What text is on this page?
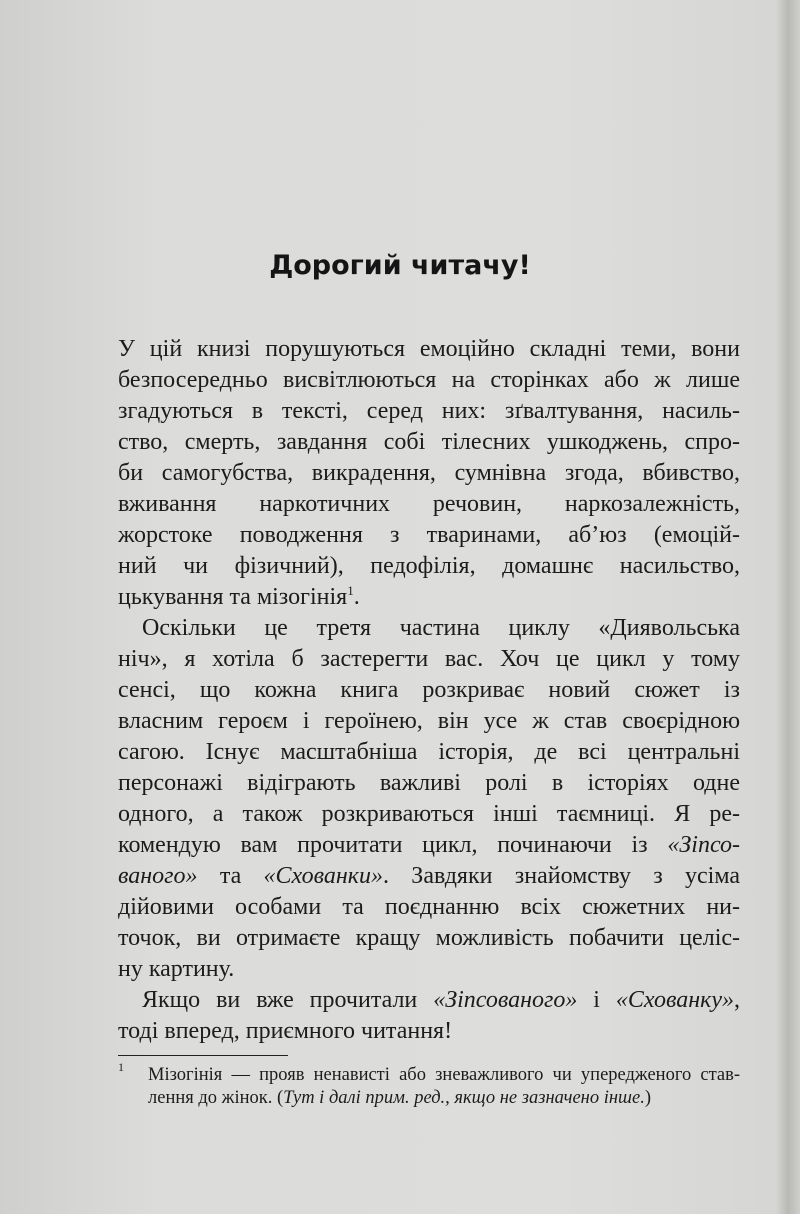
Дорогий читачу!
У цій книзі порушуються емоційно складні теми, вони
безпосередньо висвітлюються на сторінках або ж лише
згадуються в тексті, серед них: зґвалтування, насиль-
ство, смерть, завдання собі тілесних ушкоджень, спро-
би самогубства, викрадення, сумнівна згода, вбивство,
вживання наркотичних речовин, наркозалежність,
жорстоке поводження з тваринами, аб’юз (емоцій-
ний чи фізичний), педофілія, домашнє насильство,
цькування та мізогінія$^1$.
Оскільки це третя частина циклу «Диявольська
ніч», я хотіла б застерегти вас. Хоч це цикл у тому
сенсі, що кожна книга розкриває новий сюжет із
власним героєм і героїнею, він усе ж став своєрідною
сагою. Існує масштабніша історія, де всі центральні
персонажі відіграють важливі ролі в історіях одне
одного, а також розкриваються інші таємниці. Я ре-
комендую вам прочитати цикл, починаючи із «Зіпсо-
ваного» та «Схованки». Завдяки знайомству з усіма
дійовими особами та поєднанню всіх сюжетних ни-
точок, ви отримаєте кращу можливість побачити целіс-
ну картину.
Якщо ви вже прочитали «Зіпсованого» і «Схованку»,
тоді вперед, приємного читання!
1 Мізогінія — прояв ненависті або зневажливого чи упередженого став-
лення до жінок. (Тут і далі прим. ред., якщо не зазначено інше.)
